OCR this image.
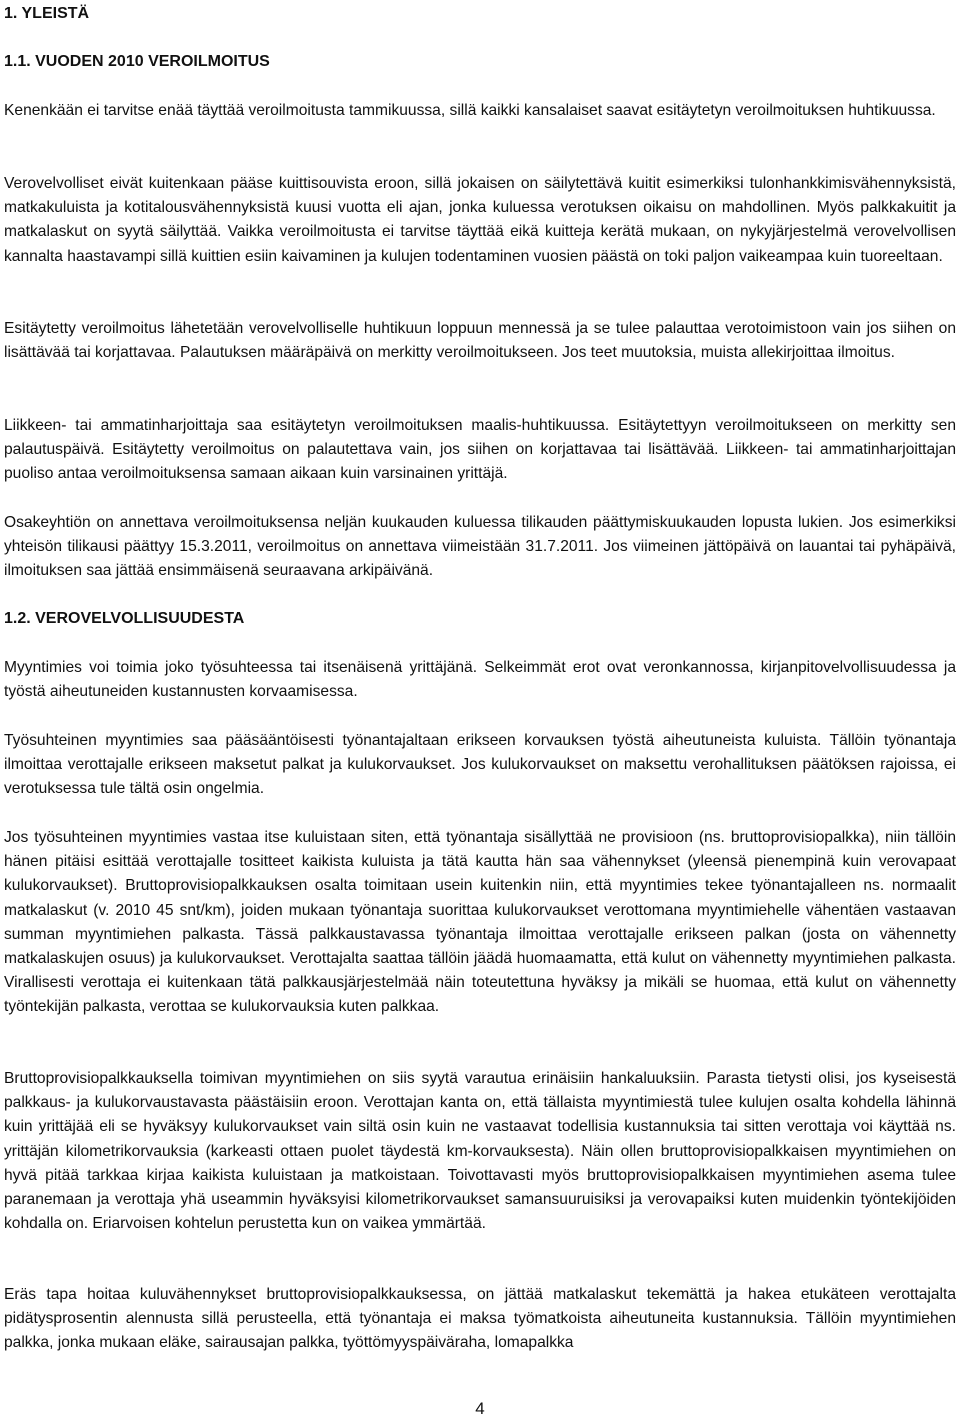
1. YLEISTÄ
1.1. VUODEN 2010 VEROILMOITUS

Kenenkään ei tarvitse enää täyttää veroilmoitusta tammikuussa, sillä kaikki kansalaiset saavat esitäytetyn veroilmoituksen huhtikuussa.

Verovelvolliset eivät kuitenkaan pääse kuittisouvista eroon, sillä jokaisen on säilytettävä kuitit esimerkiksi tulonhankkimisvähennyksistä, matkakuluista ja kotitalousvähennyksistä kuusi vuotta eli ajan, jonka kuluessa verotuksen oikaisu on mahdollinen. Myös palkkakuitit ja matkalaskut on syytä säilyttää. Vaikka veroilmoitusta ei tarvitse täyttää eikä kuitteja kerätä mukaan, on nykyjärjestelmä verovelvollisen kannalta haastavampi sillä kuittien esiin kaivaminen ja kulujen todentaminen vuosien päästä on toki paljon vaikeampaa kuin tuoreeltaan.

Esitäytetty veroilmoitus lähetetään verovelvolliselle huhtikuun loppuun mennessä ja se tulee palauttaa verotoimistoon vain jos siihen on lisättävää tai korjattavaa. Palautuksen määräpäivä on merkitty veroilmoitukseen. Jos teet muutoksia, muista allekirjoittaa ilmoitus.

Liikkeen- tai ammatinharjoittaja saa esitäytetyn veroilmoituksen maalis-huhtikuussa. Esitäytettyyn veroilmoitukseen on merkitty sen palautuspäivä. Esitäytetty veroilmoitus on palautettava vain, jos siihen on korjattavaa tai lisättävää. Liikkeen- tai ammatinharjoittajan puoliso antaa veroilmoituksensa samaan aikaan kuin varsinainen yrittäjä.

Osakeyhtiön on annettava veroilmoituksensa neljän kuukauden kuluessa tilikauden päättymiskuukauden lopusta lukien. Jos esimerkiksi yhteisön tilikausi päättyy 15.3.2011, veroilmoitus on annettava viimeistään 31.7.2011. Jos viimeinen jättöpäivä on lauantai tai pyhäpäivä, ilmoituksen saa jättää ensimmäisenä seuraavana arkipäivänä.

1.2. VEROVELVOLLISUUDESTA

Myyntimies voi toimia joko työsuhteessa tai itsenäisenä yrittäjänä. Selkeimmät erot ovat veronkannossa, kirjanpitovelvollisuudessa ja työstä aiheutuneiden kustannusten korvaamisessa.

Työsuhteinen myyntimies saa pääsääntöisesti työnantajaltaan erikseen korvauksen työstä aiheutuneista kuluista. Tällöin työnantaja ilmoittaa verottajalle erikseen maksetut palkat ja kulukorvaukset. Jos kulukorvaukset on maksettu verohallituksen päätöksen rajoissa, ei verotuksessa tule tältä osin ongelmia.

Jos työsuhteinen myyntimies vastaa itse kuluistaan siten, että työnantaja sisällyttää ne provisioon (ns. bruttoprovisiopalkka), niin tällöin hänen pitäisi esittää verottajalle tositteet kaikista kuluista ja tätä kautta hän saa vähennykset (yleensä pienempinä kuin verovapaat kulukorvaukset). Bruttoprovisiopalkkauksen osalta toimitaan usein kuitenkin niin, että myyntimies tekee työnantajalleen ns. normaalit matkalaskut (v. 2010 45 snt/km), joiden mukaan työnantaja suorittaa kulukorvaukset verottomana myyntimiehelle vähentäen vastaavan summan myyntimiehen palkasta. Tässä palkkaustavassa työnantaja ilmoittaa verottajalle erikseen palkan (josta on vähennetty matkalaskujen osuus) ja kulukorvaukset. Verottajalta saattaa tällöin jäädä huomaamatta, että kulut on vähennetty myyntimiehen palkasta. Virallisesti verottaja ei kuitenkaan tätä palkkausjärjestelmää näin toteutettuna hyväksy ja mikäli se huomaa, että kulut on vähennetty työntekijän palkasta, verottaa se kulukorvauksia kuten palkkaa.

Bruttoprovisiopalkkauksella toimivan myyntimiehen on siis syytä varautua erinäisiin hankaluuksiin. Parasta tietysti olisi, jos kyseisestä palkkaus- ja kulukorvaustavasta päästäisiin eroon. Verottajan kanta on, että tällaista myyntimiestä tulee kulujen osalta kohdella lähinnä kuin yrittäjää eli se hyväksyy kulukorvaukset vain siltä osin kuin ne vastaavat todellisia kustannuksia tai sitten verottaja voi käyttää ns. yrittäjän kilometrikorvauksia (karkeasti ottaen puolet täydestä km-korvauksesta). Näin ollen bruttoprovisiopalkkaisen myyntimiehen on hyvä pitää tarkkaa kirjaa kaikista kuluistaan ja matkoistaan. Toivottavasti myös bruttoprovisiopalkkaisen myyntimiehen asema tulee paranemaan ja verottaja yhä useammin hyväksyisi kilometrikorvaukset samansuuruisiksi ja verovapaiksi kuten muidenkin työntekijöiden kohdalla on. Eriarvoisen kohtelun perustetta kun on vaikea ymmärtää.

Eräs tapa hoitaa kuluvähennykset bruttoprovisiopalkkauksessa, on jättää matkalaskut tekemättä ja hakea etukäteen verottajalta pidätysprosentin alennusta sillä perusteella, että työnantaja ei maksa työmatkoista aiheutuneita kustannuksia. Tällöin myyntimiehen palkka, jonka mukaan eläke, sairausajan palkka, työttömyyspäiväraha, lomapalkka

4
